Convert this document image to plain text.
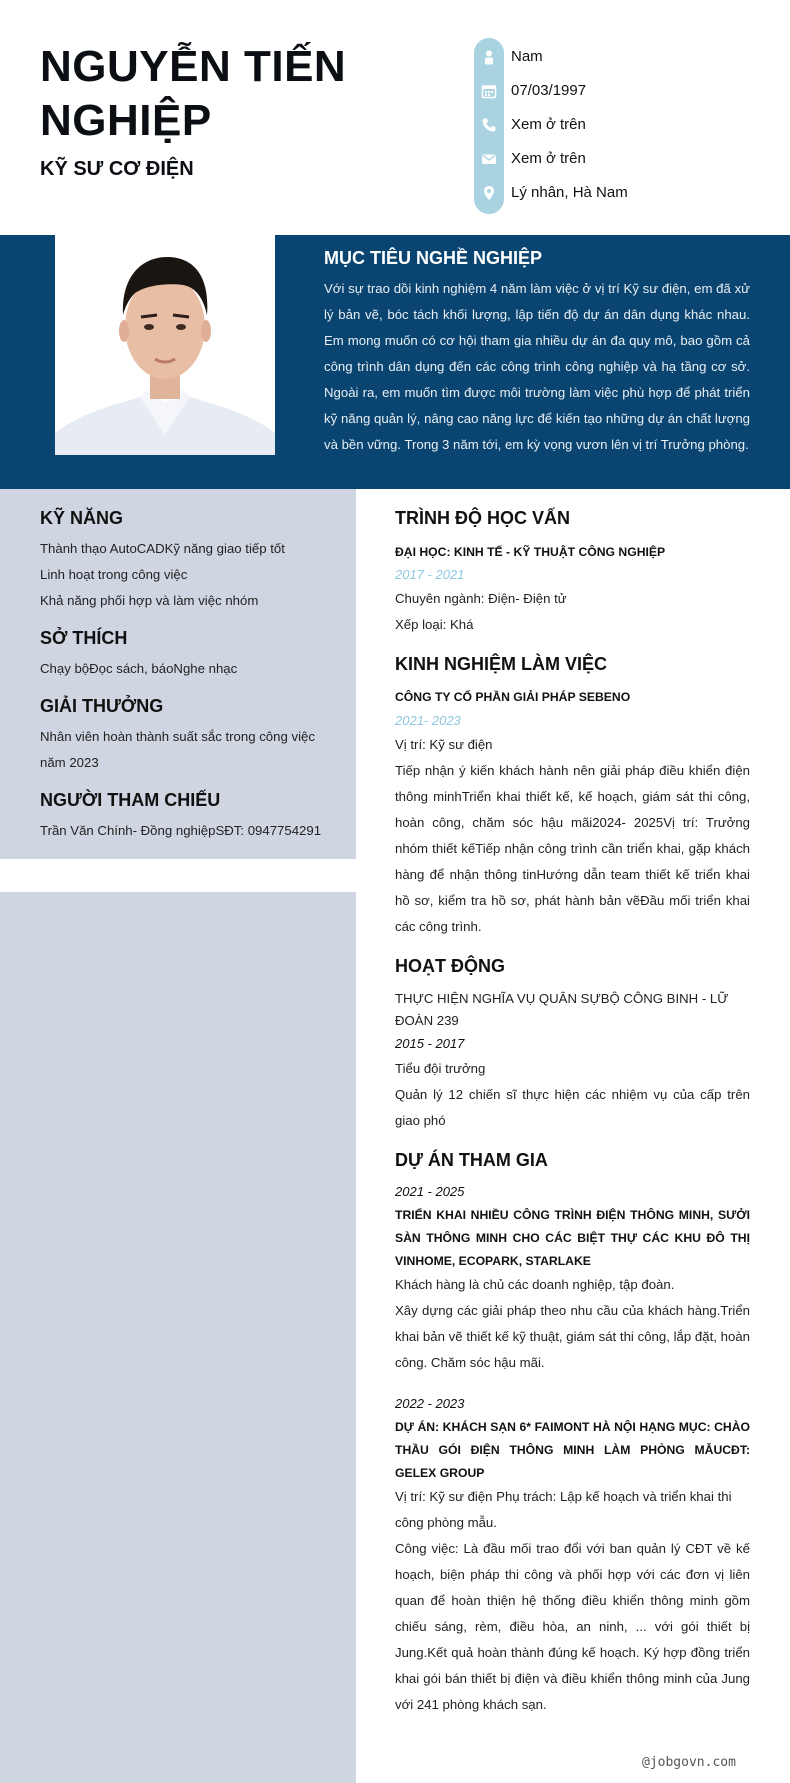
NGUYỄN TIẾN NGHIỆP
KỸ SƯ CƠ ĐIỆN
Nam
07/03/1997
Xem ở trên
Xem ở trên
Lý nhân, Hà Nam
MỤC TIÊU NGHỀ NGHIỆP
Với sự trao dồi kinh nghiệm 4 năm làm việc ở vị trí Kỹ sư điện, em đã xử lý bản vẽ, bóc tách khối lượng, lập tiến độ dự án dân dụng khác nhau. Em mong muốn có cơ hội tham gia nhiều dự án đa quy mô, bao gồm cả công trình dân dụng đến các công trình công nghiệp và hạ tầng cơ sở. Ngoài ra, em muốn tìm được môi trường làm việc phù hợp để phát triển kỹ năng quản lý, nâng cao năng lực để kiến tạo những dự án chất lượng và bền vững. Trong 3 năm tới, em kỳ vọng vươn lên vị trí Trưởng phòng.
KỸ NĂNG
Thành thạo AutoCADKỹ năng giao tiếp tốt
Linh hoạt trong công việc
Khả năng phối hợp và làm việc nhóm
SỞ THÍCH
Chạy bộĐọc sách, báoNghe nhạc
GIẢI THƯỞNG
Nhân viên hoàn thành suất sắc trong công việc năm 2023
NGƯỜI THAM CHIẾU
Trần Văn Chính- Đồng nghiệpSĐT: 0947754291
TRÌNH ĐỘ HỌC VẤN
ĐẠI HỌC: KINH TẾ - KỸ THUẬT CÔNG NGHIỆP
2017 - 2021
Chuyên ngành: Điện- Điện tử
Xếp loại: Khá
KINH NGHIỆM LÀM VIỆC
CÔNG TY CỔ PHẦN GIẢI PHÁP SEBENO
2021- 2023
Vị trí: Kỹ sư điện
Tiếp nhận ý kiến khách hành nên giải pháp điều khiển điện thông minhTriển khai thiết kế, kế hoạch, giám sát thi công, hoàn công, chăm sóc hậu mãi2024- 2025Vị trí: Trưởng nhóm thiết kếTiếp nhận công trình cần triển khai, gặp khách hàng để nhận thông tinHướng dẫn team thiết kế triển khai hồ sơ, kiểm tra hồ sơ, phát hành bản vẽĐầu mối triển khai các công trình.
HOẠT ĐỘNG
THỰC HIỆN NGHĨA VỤ QUÂN SỰBỘ CÔNG BINH - LỮ ĐOÀN 239
2015 - 2017
Tiểu đội trưởng
Quản lý 12 chiến sĩ thực hiện các nhiệm vụ của cấp trên giao phó
DỰ ÁN THAM GIA
2021 - 2025
TRIỂN KHAI NHIỀU CÔNG TRÌNH ĐIỆN THÔNG MINH, SƯỞI SÀN THÔNG MINH CHO CÁC BIỆT THỰ CÁC KHU ĐÔ THỊ VINHOME, ECOPARK, STARLAKE
Khách hàng là chủ các doanh nghiệp, tập đoàn.
Xây dựng các giải pháp theo nhu cầu của khách hàng.Triển khai bản vẽ thiết kế kỹ thuật, giám sát thi công, lắp đặt, hoàn công. Chăm sóc hậu mãi.
2022 - 2023
DỰ ÁN: KHÁCH SẠN 6* FAIMONT HÀ NỘI HẠNG MỤC: CHÀO THẦU GÓI ĐIỆN THÔNG MINH LÀM PHÒNG MẪUCĐT: GELEX GROUP
Vị trí: Kỹ sư điện Phụ trách: Lập kế hoạch và triển khai thi công phòng mẫu.
Công việc: Là đầu mối trao đổi với ban quản lý CĐT về kế hoạch, biện pháp thi công và phối hợp với các đơn vị liên quan để hoàn thiện hệ thống điều khiển thông minh gồm chiếu sáng, rèm, điều hòa, an ninh, ... với gói thiết bị Jung.Kết quả hoàn thành đúng kế hoạch. Ký hợp đồng triển khai gói bán thiết bị điện và điều khiển thông minh của Jung với 241 phòng khách sạn.
@jobgovn.com
